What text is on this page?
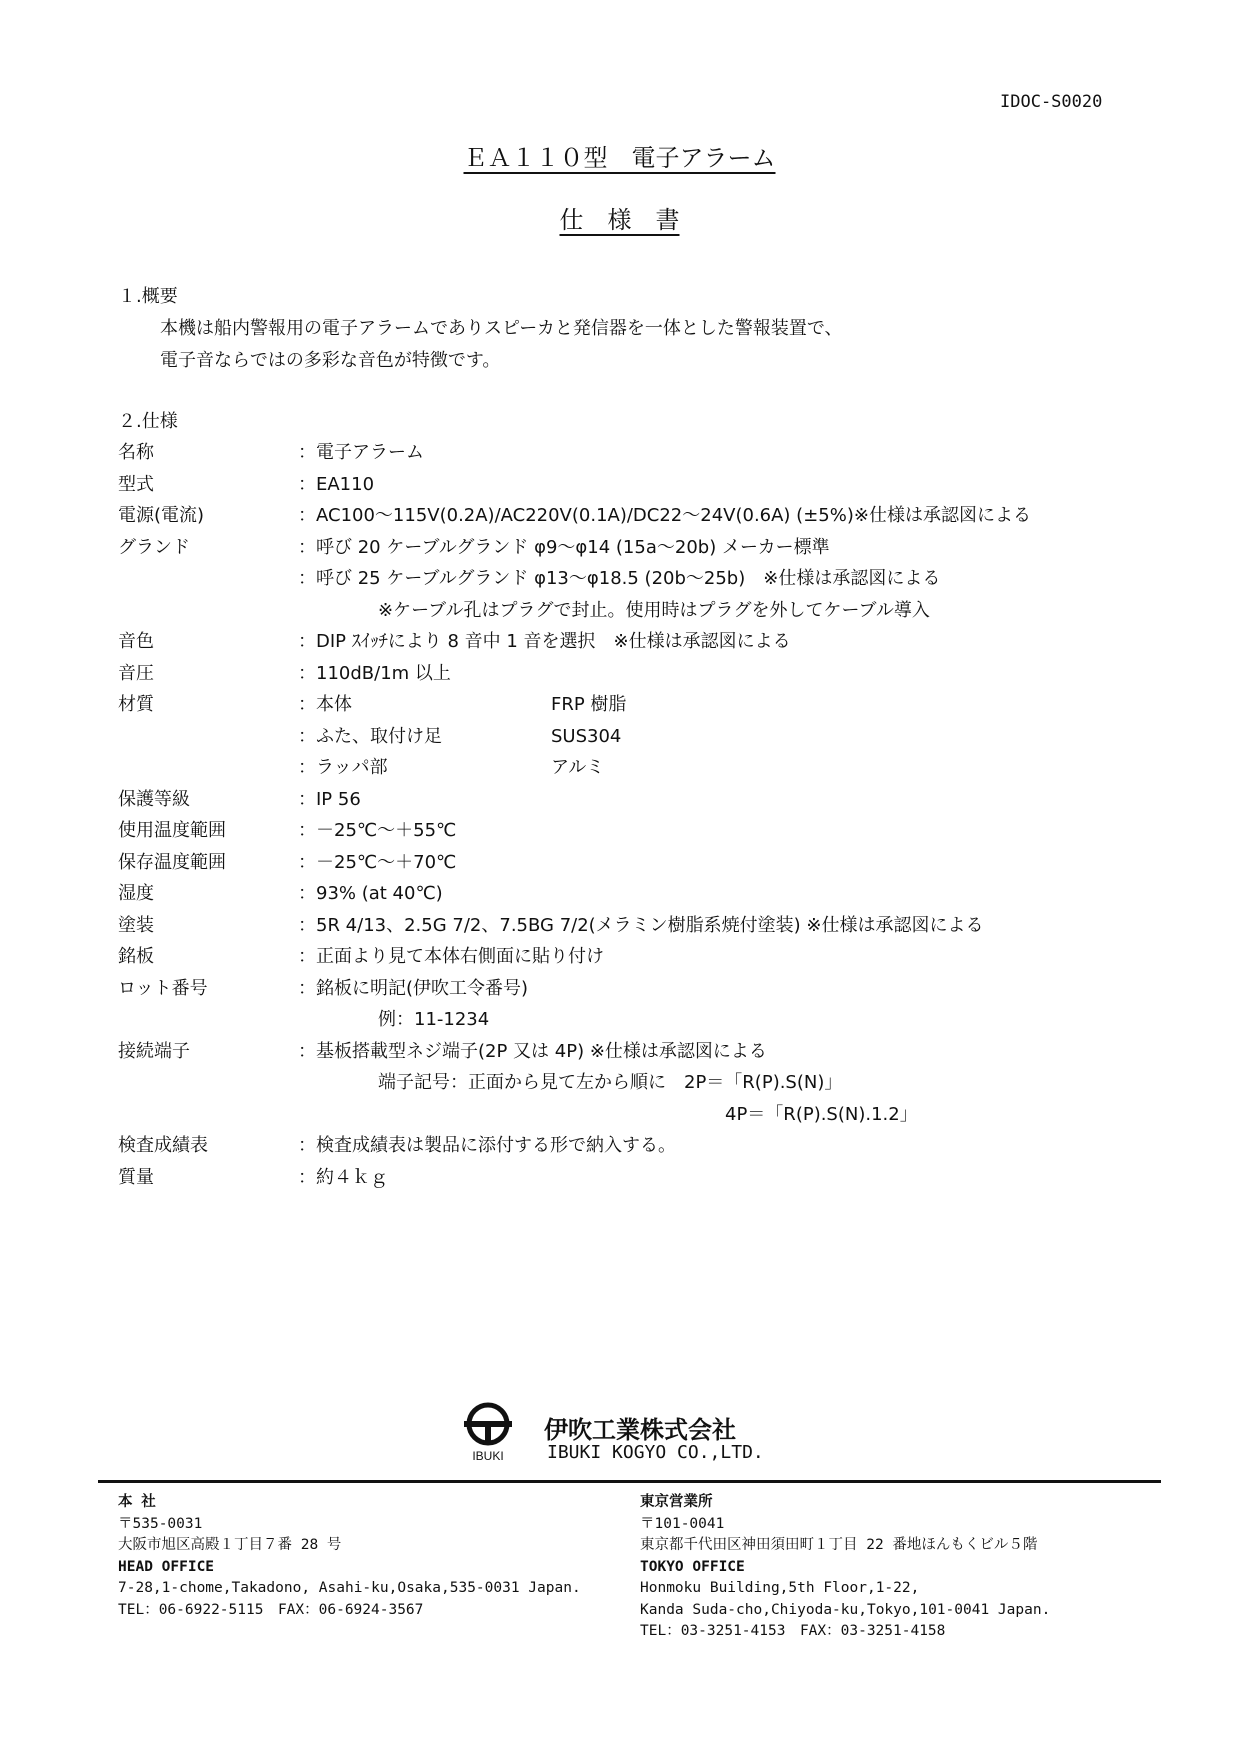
IDOC-S0020
ＥＡ１１０型　電子アラーム
仕　様　書
１.概要
本機は船内警報用の電子アラームでありスピーカと発信器を一体とした警報装置で、
電子音ならではの多彩な音色が特徴です。
２.仕様
名称	：電子アラーム
型式	：EA110
電源(電流)	：AC100～115V(0.2A)/AC220V(0.1A)/DC22～24V(0.6A) (±5%)※仕様は承認図による
グランド	：呼び 20 ケーブルグランド φ9～φ14 (15a～20b) メーカー標準
：呼び 25 ケーブルグランド φ13～φ18.5 (20b～25b)　※仕様は承認図による
※ケーブル孔はプラグで封止。使用時はプラグを外してケーブル導入
音色	：DIP ｽｲｯﾁにより 8 音中 1 音を選択　※仕様は承認図による
音圧	：110dB/1m 以上
材質	：本体	FRP 樹脂
：ふた、取付け足	SUS304
：ラッパ部	アルミ
保護等級	：IP 56
使用温度範囲	：－25℃～＋55℃
保存温度範囲	：－25℃～＋70℃
湿度	：93% (at 40℃)
塗装	：5R 4/13、2.5G 7/2、7.5BG 7/2(メラミン樹脂系焼付塗装) ※仕様は承認図による
銘板	：正面より見て本体右側面に貼り付け
ロット番号	：銘板に明記(伊吹工令番号)
例：11-1234
接続端子	：基板搭載型ネジ端子(2P 又は 4P) ※仕様は承認図による
端子記号：正面から見て左から順に　2P＝「R(P).S(N)」
4P＝「R(P).S(N).1.2」
検査成績表	：検査成績表は製品に添付する形で納入する。
質量	：約４ｋｇ
IBUKI
伊吹工業株式会社
IBUKI KOGYO CO.,LTD.
本 社
〒535-0031
大阪市旭区高殿１丁目７番 28 号
HEAD OFFICE
7-28,1-chome,Takadono, Asahi-ku,Osaka,535-0031 Japan.
TEL：06-6922-5115　FAX：06-6924-3567
東京営業所
〒101-0041
東京都千代田区神田須田町１丁目 22 番地ほんもくビル５階
TOKYO OFFICE
Honmoku Building,5th Floor,1-22,
Kanda Suda-cho,Chiyoda-ku,Tokyo,101-0041 Japan.
TEL：03-3251-4153　FAX：03-3251-4158
